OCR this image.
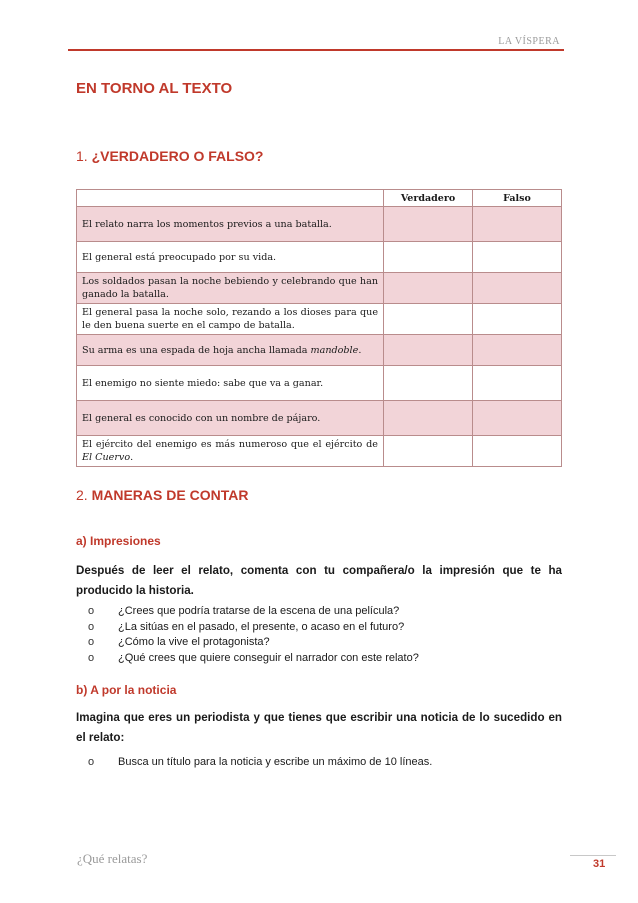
LA VÍSPERA
EN TORNO AL TEXTO
1. ¿VERDADERO O FALSO?
	Verdadero	Falso
El relato narra los momentos previos a una batalla.		
El general está preocupado por su vida.		
Los soldados pasan la noche bebiendo y celebrando que han ganado la batalla.		
El general pasa la noche solo, rezando a los dioses para que le den buena suerte en el campo de batalla.		
Su arma es una espada de hoja ancha llamada mandoble.		
El enemigo no siente miedo: sabe que va a ganar.		
El general es conocido con un nombre de pájaro.		
El ejército del enemigo es más numeroso que el ejército de El Cuervo.		
2. MANERAS DE CONTAR
a) Impresiones
Después de leer el relato, comenta con tu compañera/o la impresión que te ha producido la historia.
o	¿Crees que podría tratarse de la escena de una película?
o	¿La sitúas en el pasado, el presente, o acaso en el futuro?
o	¿Cómo la vive el protagonista?
o	¿Qué crees que quiere conseguir el narrador con este relato?
b) A por la noticia
Imagina que eres un periodista y que tienes que escribir una noticia de lo sucedido en el relato:
o	Busca un título para la noticia y escribe un máximo de 10 líneas.
¿Qué relatas?	31
